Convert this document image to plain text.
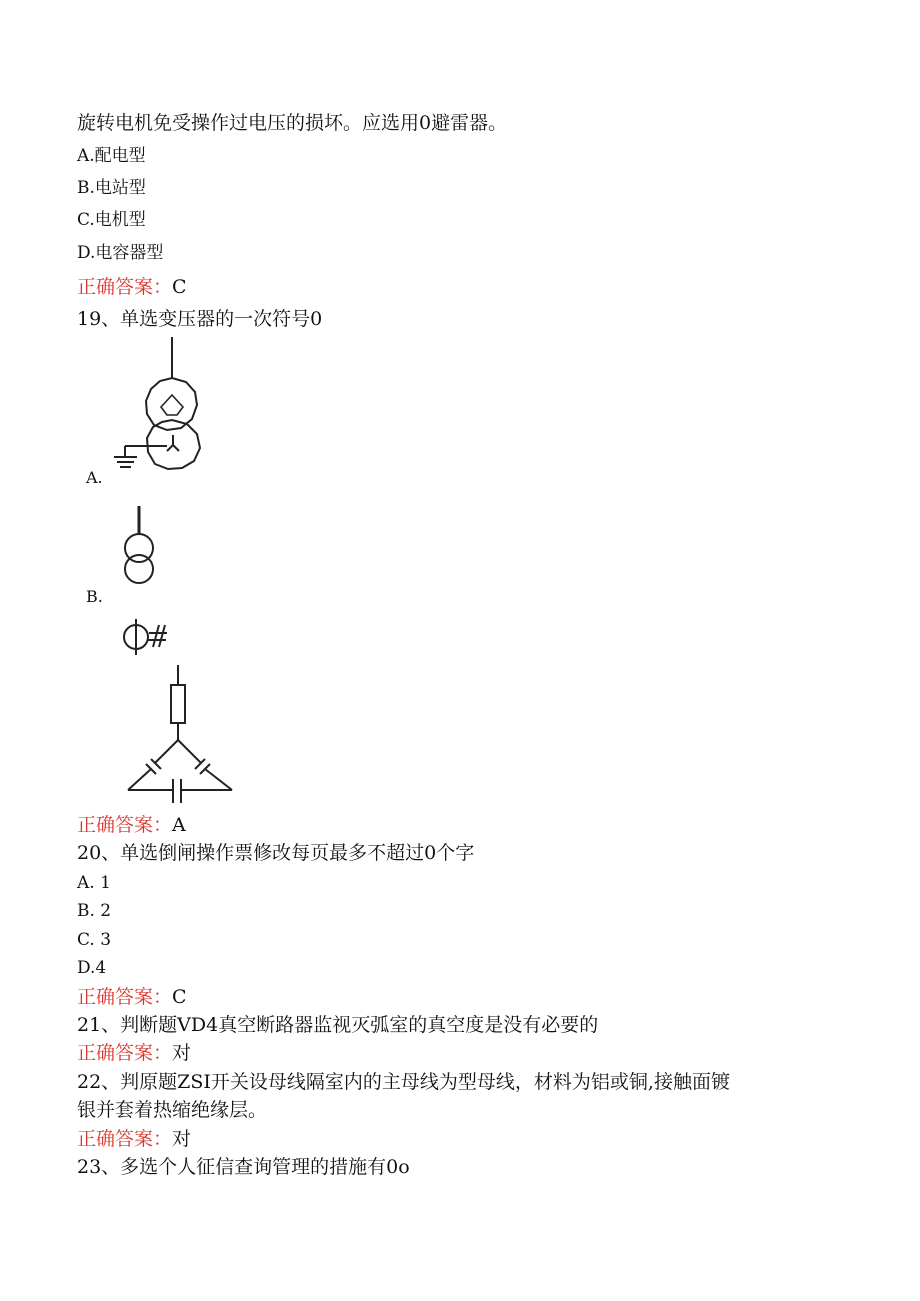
旋转电机免受操作过电压的损坏。应选用0避雷器。
A.配电型
B.电站型
C.电机型
D.电容器型
正确答案：C
19、单选变压器的一次符号0
A.
B.
正确答案：A
20、单选倒闸操作票修改每页最多不超过0个字
A. 1
B. 2
C. 3
D.4
正确答案：C
21、判断题VD4真空断路器监视灭弧室的真空度是没有必要的
正确答案：对
22、判原题ZSI开关设母线隔室内的主母线为型母线，材料为铝或铜,接触面镀
银并套着热缩绝缘层。
正确答案：对
23、多选个人征信查询管理的措施有0o
